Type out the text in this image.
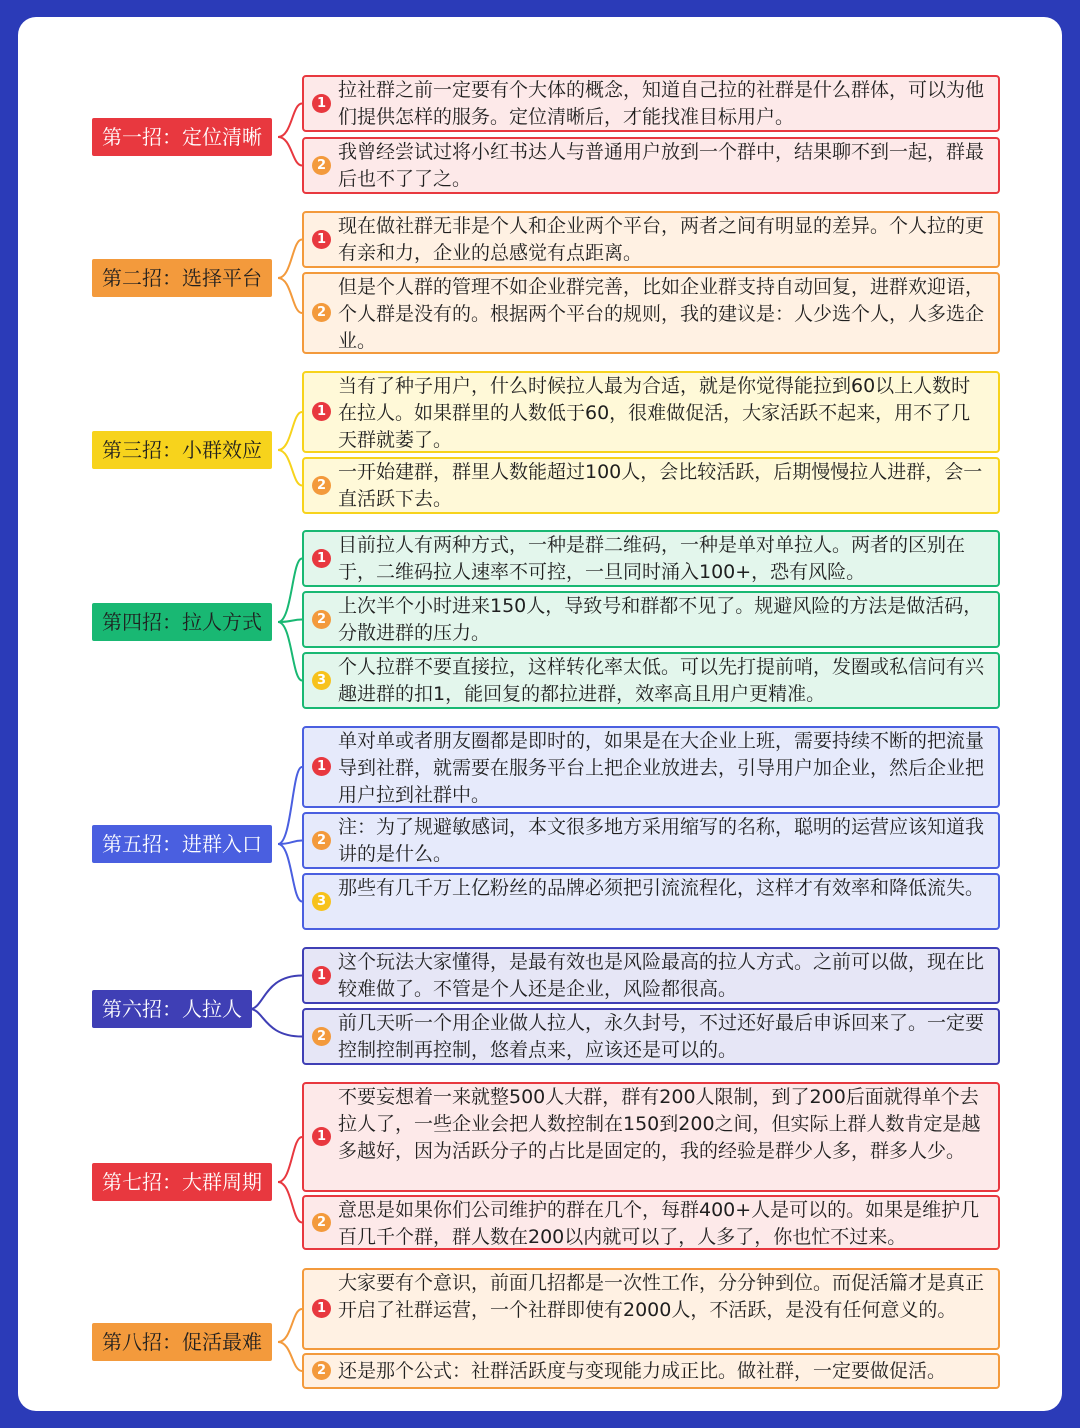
第一招：定位清晰
1
拉社群之前一定要有个大体的概念，知道自己拉的社群是什么群体，可以为他们提供怎样的服务。定位清晰后，才能找准目标用户。
2
我曾经尝试过将小红书达人与普通用户放到一个群中，结果聊不到一起，群最后也不了了之。
第二招：选择平台
1
现在做社群无非是个人和企业两个平台，两者之间有明显的差异。个人拉的更有亲和力，企业的总感觉有点距离。
2
但是个人群的管理不如企业群完善，比如企业群支持自动回复，进群欢迎语，个人群是没有的。根据两个平台的规则，我的建议是：人少选个人，人多选企业。
第三招：小群效应
1
当有了种子用户，什么时候拉人最为合适，就是你觉得能拉到60以上人数时在拉人。如果群里的人数低于60，很难做促活，大家活跃不起来，用不了几天群就萎了。
2
一开始建群，群里人数能超过100人，会比较活跃，后期慢慢拉人进群，会一直活跃下去。
第四招：拉人方式
1
目前拉人有两种方式，一种是群二维码，一种是单对单拉人。两者的区别在于，二维码拉人速率不可控，一旦同时涌入100+，恐有风险。
2
上次半个小时进来150人，导致号和群都不见了。规避风险的方法是做活码，分散进群的压力。
3
个人拉群不要直接拉，这样转化率太低。可以先打提前哨，发圈或私信问有兴趣进群的扣1，能回复的都拉进群，效率高且用户更精准。
第五招：进群入口
1
单对单或者朋友圈都是即时的，如果是在大企业上班，需要持续不断的把流量导到社群，就需要在服务平台上把企业放进去，引导用户加企业，然后企业把用户拉到社群中。
2
注：为了规避敏感词，本文很多地方采用缩写的名称，聪明的运营应该知道我讲的是什么。
3
那些有几千万上亿粉丝的品牌必须把引流流程化，这样才有效率和降低流失。
第六招：人拉人
1
这个玩法大家懂得，是最有效也是风险最高的拉人方式。之前可以做，现在比较难做了。不管是个人还是企业，风险都很高。
2
前几天听一个用企业做人拉人，永久封号，不过还好最后申诉回来了。一定要控制控制再控制，悠着点来，应该还是可以的。
第七招：大群周期
1
不要妄想着一来就整500人大群，群有200人限制，到了200后面就得单个去拉人了，一些企业会把人数控制在150到200之间，但实际上群人数肯定是越多越好，因为活跃分子的占比是固定的，我的经验是群少人多，群多人少。
2
意思是如果你们公司维护的群在几个，每群400+人是可以的。如果是维护几百几千个群，群人数在200以内就可以了，人多了，你也忙不过来。
第八招：促活最难
1
大家要有个意识，前面几招都是一次性工作，分分钟到位。而促活篇才是真正开启了社群运营，一个社群即使有2000人，不活跃，是没有任何意义的。
2 还是那个公式：社群活跃度与变现能力成正比。做社群，一定要做促活。
